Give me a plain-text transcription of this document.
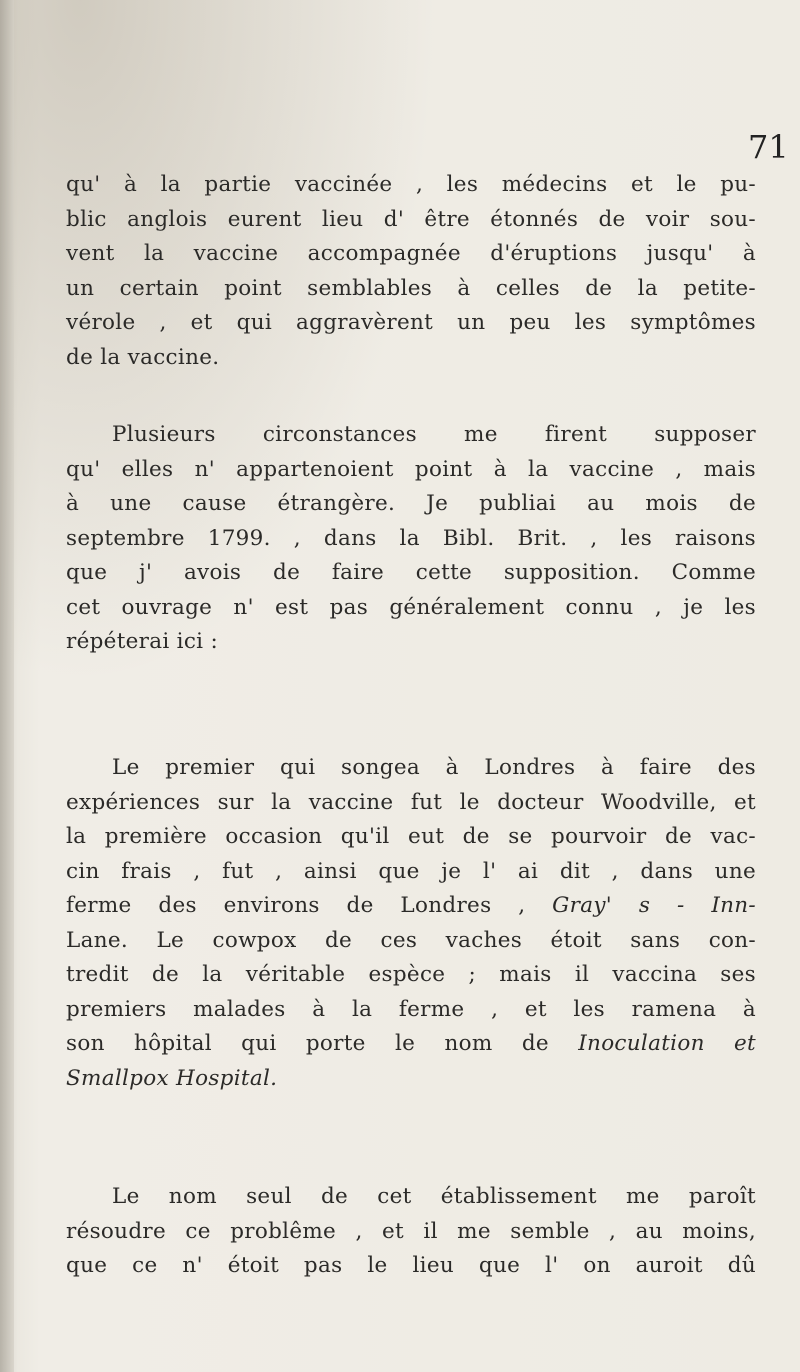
71
qu' à la partie vaccinée , les médecins et le pu-
blic anglois eurent lieu d' être étonnés de voir sou-
vent la vaccine accompagnée d'éruptions jusqu' à
un certain point semblables à celles de la petite-
vérole , et qui aggravèrent un peu les symptômes
de la vaccine.
Plusieurs circonstances me firent supposer
qu' elles n' appartenoient point à la vaccine , mais
à une cause étrangère. Je publiai au mois de
septembre 1799. , dans la Bibl. Brit. , les raisons
que j' avois de faire cette supposition. Comme
cet ouvrage n' est pas généralement connu , je les
répéterai ici :
Le premier qui songea à Londres à faire des
expériences sur la vaccine fut le docteur Woodville, et
la première occasion qu'il eut de se pourvoir de vac-
cin frais , fut , ainsi que je l' ai dit , dans une
ferme des environs de Londres , Gray' s - Inn-
Lane. Le cowpox de ces vaches étoit sans con-
tredit de la véritable espèce ; mais il vaccina ses
premiers malades à la ferme , et les ramena à
son hôpital qui porte le nom de Inoculation et
Smallpox Hospital.
Le nom seul de cet établissement me paroît
résoudre ce problême , et il me semble , au moins,
que ce n' étoit pas le lieu que l' on auroit dû
